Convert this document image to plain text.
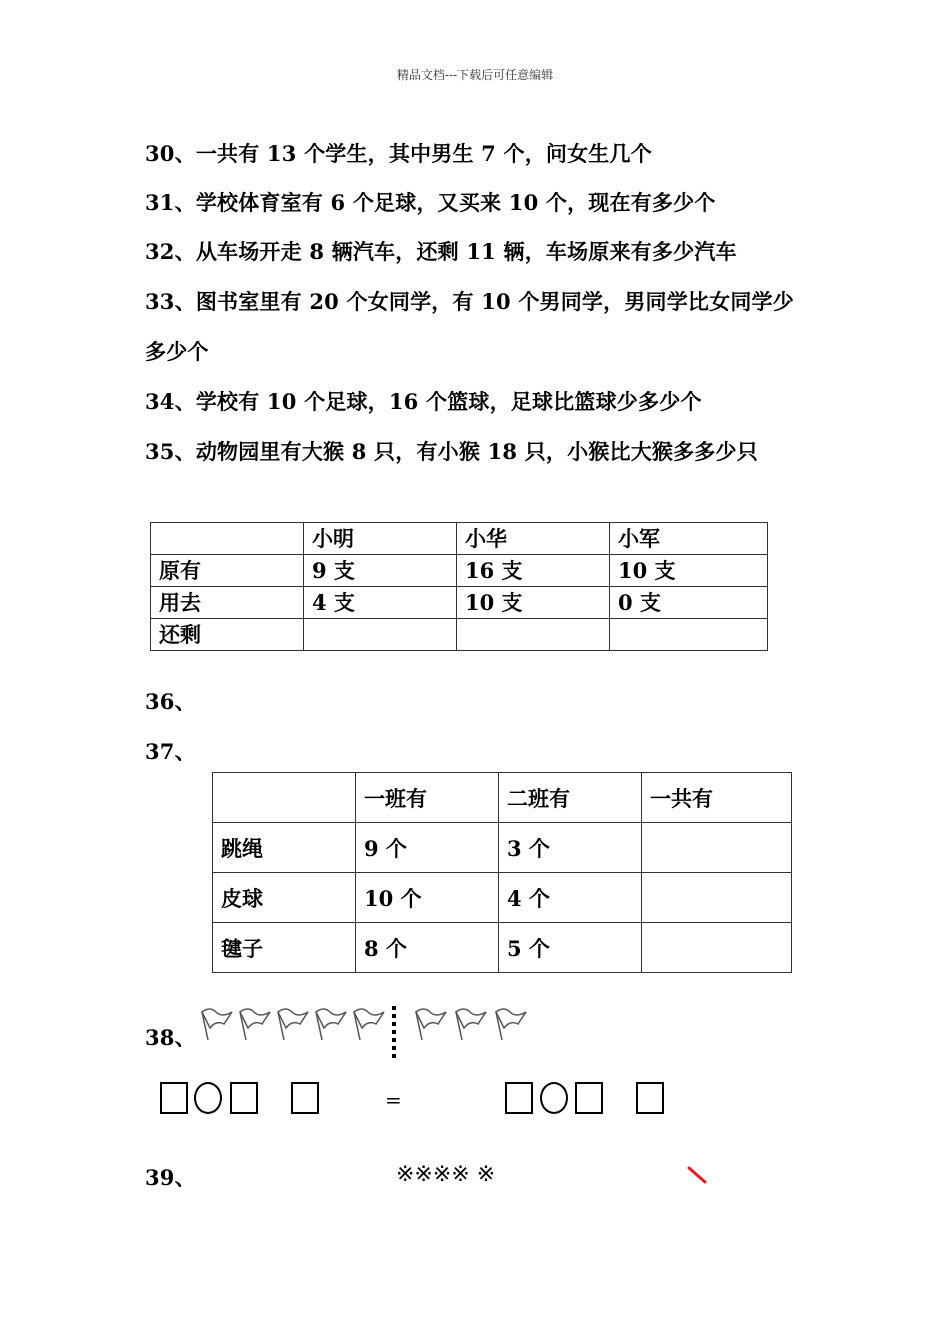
精品文档---下载后可任意编辑
30、一共有 13 个学生，其中男生 7 个，问女生几个
31、学校体育室有 6 个足球，又买来 10 个，现在有多少个
32、从车场开走 8 辆汽车，还剩 11 辆，车场原来有多少汽车
33、图书室里有 20 个女同学，有 10 个男同学，男同学比女同学少
多少个
34、学校有 10 个足球，16 个篮球，足球比篮球少多少个
35、动物园里有大猴 8 只，有小猴 18 只，小猴比大猴多多少只
	小明	小华	小军
原有	9 支	16 支	10 支
用去	4 支	10 支	0 支
还剩			
36、
37、
	一班有	二班有	一共有
跳绳	9 个	3 个	
皮球	10 个	4 个	
毽子	8 个	5 个	
38、
=
39、	※※※※ ※
